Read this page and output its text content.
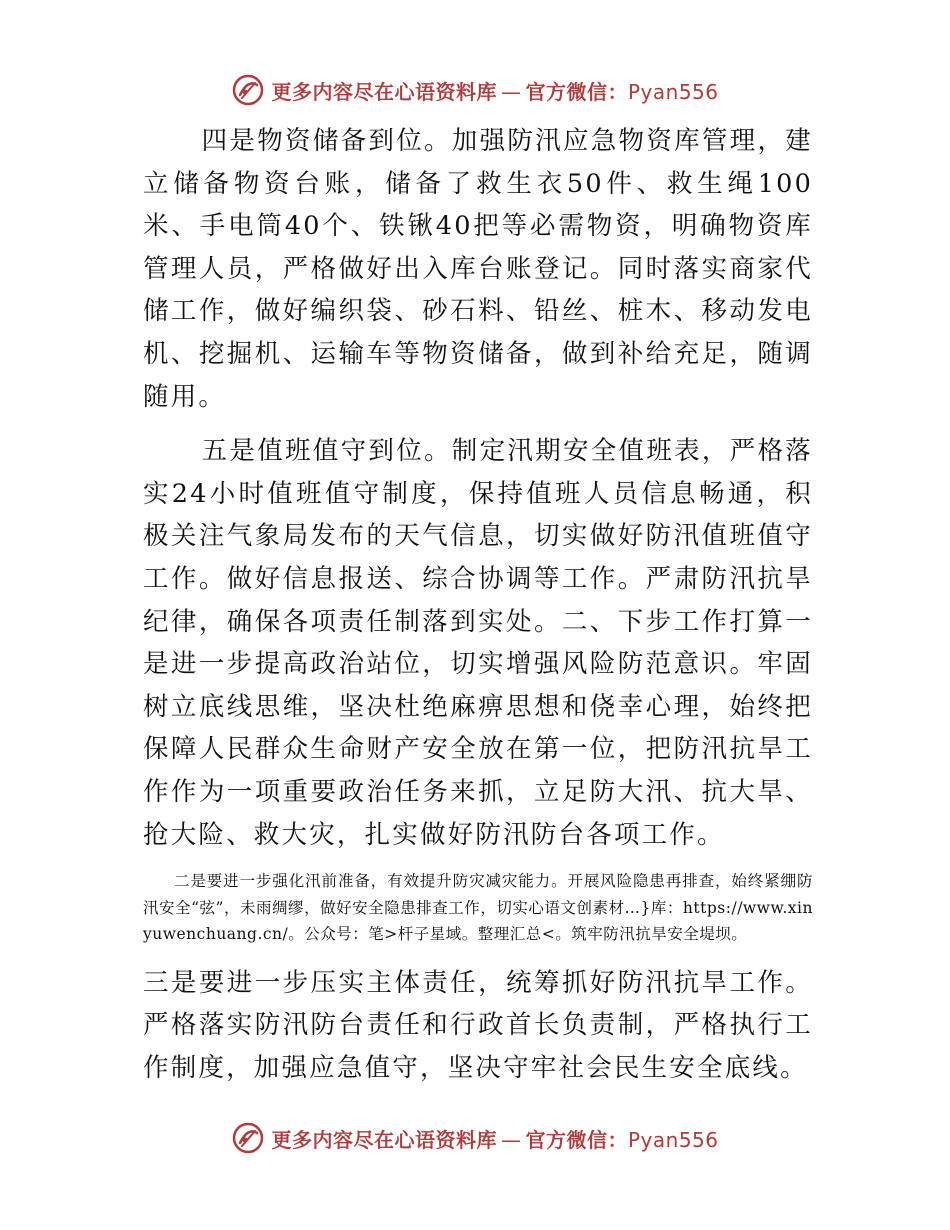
更多内容尽在心语资料库 — 官方微信：Pyan556

四是物资储备到位。加强防汛应急物资库管理，建立储备物资台账，储备了救生衣50件、救生绳100米、手电筒40个、铁锹40把等必需物资，明确物资库管理人员，严格做好出入库台账登记。同时落实商家代储工作，做好编织袋、砂石料、铅丝、桩木、移动发电机、挖掘机、运输车等物资储备，做到补给充足，随调随用。

五是值班值守到位。制定汛期安全值班表，严格落实24小时值班值守制度，保持值班人员信息畅通，积极关注气象局发布的天气信息，切实做好防汛值班值守工作。做好信息报送、综合协调等工作。严肃防汛抗旱纪律，确保各项责任制落到实处。二、下步工作打算一是进一步提高政治站位，切实增强风险防范意识。牢固树立底线思维，坚决杜绝麻痹思想和侥幸心理，始终把保障人民群众生命财产安全放在第一位，把防汛抗旱工作作为一项重要政治任务来抓，立足防大汛、抗大旱、抢大险、救大灾，扎实做好防汛防台各项工作。

二是要进一步强化汛前准备，有效提升防灾减灾能力。开展风险隐患再排查，始终紧绷防汛安全“弦”，未雨绸缪，做好安全隐患排查工作，切实心语文创素材…}库：https://www.xinyuwenchuang.cn/。公众号：笔>杆子星域。整理汇总<。筑牢防汛抗旱安全堤坝。

三是要进一步压实主体责任，统筹抓好防汛抗旱工作。严格落实防汛防台责任和行政首长负责制，严格执行工作制度，加强应急值守，坚决守牢社会民生安全底线。

更多内容尽在心语资料库 — 官方微信：Pyan556
